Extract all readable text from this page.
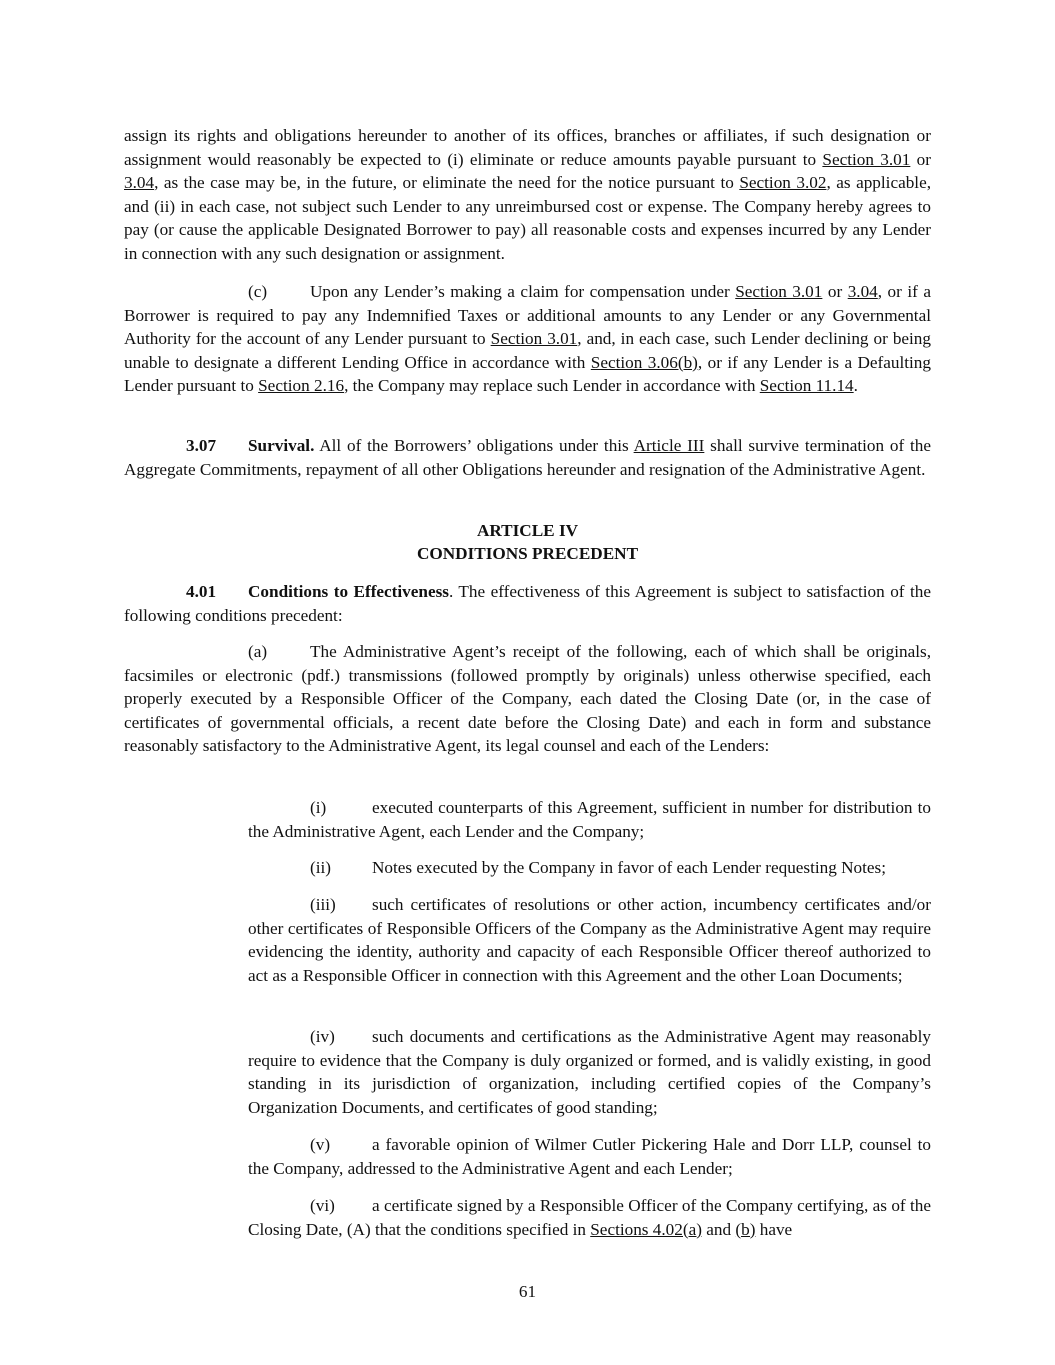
assign its rights and obligations hereunder to another of its offices, branches or affiliates, if such designation or assignment would reasonably be expected to (i) eliminate or reduce amounts payable pursuant to Section 3.01 or 3.04, as the case may be, in the future, or eliminate the need for the notice pursuant to Section 3.02, as applicable, and (ii) in each case, not subject such Lender to any unreimbursed cost or expense. The Company hereby agrees to pay (or cause the applicable Designated Borrower to pay) all reasonable costs and expenses incurred by any Lender in connection with any such designation or assignment.

(c) Upon any Lender’s making a claim for compensation under Section 3.01 or 3.04, or if a Borrower is required to pay any Indemnified Taxes or additional amounts to any Lender or any Governmental Authority for the account of any Lender pursuant to Section 3.01, and, in each case, such Lender declining or being unable to designate a different Lending Office in accordance with Section 3.06(b), or if any Lender is a Defaulting Lender pursuant to Section 2.16, the Company may replace such Lender in accordance with Section 11.14.

3.07 Survival. All of the Borrowers’ obligations under this Article III shall survive termination of the Aggregate Commitments, repayment of all other Obligations hereunder and resignation of the Administrative Agent.

ARTICLE IV

CONDITIONS PRECEDENT

4.01 Conditions to Effectiveness. The effectiveness of this Agreement is subject to satisfaction of the following conditions precedent:

(a) The Administrative Agent’s receipt of the following, each of which shall be originals, facsimiles or electronic (pdf.) transmissions (followed promptly by originals) unless otherwise specified, each properly executed by a Responsible Officer of the Company, each dated the Closing Date (or, in the case of certificates of governmental officials, a recent date before the Closing Date) and each in form and substance reasonably satisfactory to the Administrative Agent, its legal counsel and each of the Lenders:

(i)	executed counterparts of this Agreement, sufficient in number for distribution to the Administrative Agent, each Lender and the Company;

(ii) Notes executed by the Company in favor of each Lender requesting Notes;

(iii) such certificates of resolutions or other action, incumbency certificates and/or other certificates of Responsible Officers of the Company as the Administrative Agent may require evidencing the identity, authority and capacity of each Responsible Officer thereof authorized to act as a Responsible Officer in connection with this Agreement and the other Loan Documents;

(iv) such documents and certifications as the Administrative Agent may reasonably require to evidence that the Company is duly organized or formed, and is validly existing, in good standing in its jurisdiction of organization, including certified copies of the Company’s Organization Documents, and certificates of good standing;

(v) a favorable opinion of Wilmer Cutler Pickering Hale and Dorr LLP, counsel to the Company, addressed to the Administrative Agent and each Lender;

(vi) a certificate signed by a Responsible Officer of the Company certifying, as of the Closing Date, (A) that the conditions specified in Sections 4.02(a) and (b) have

61
